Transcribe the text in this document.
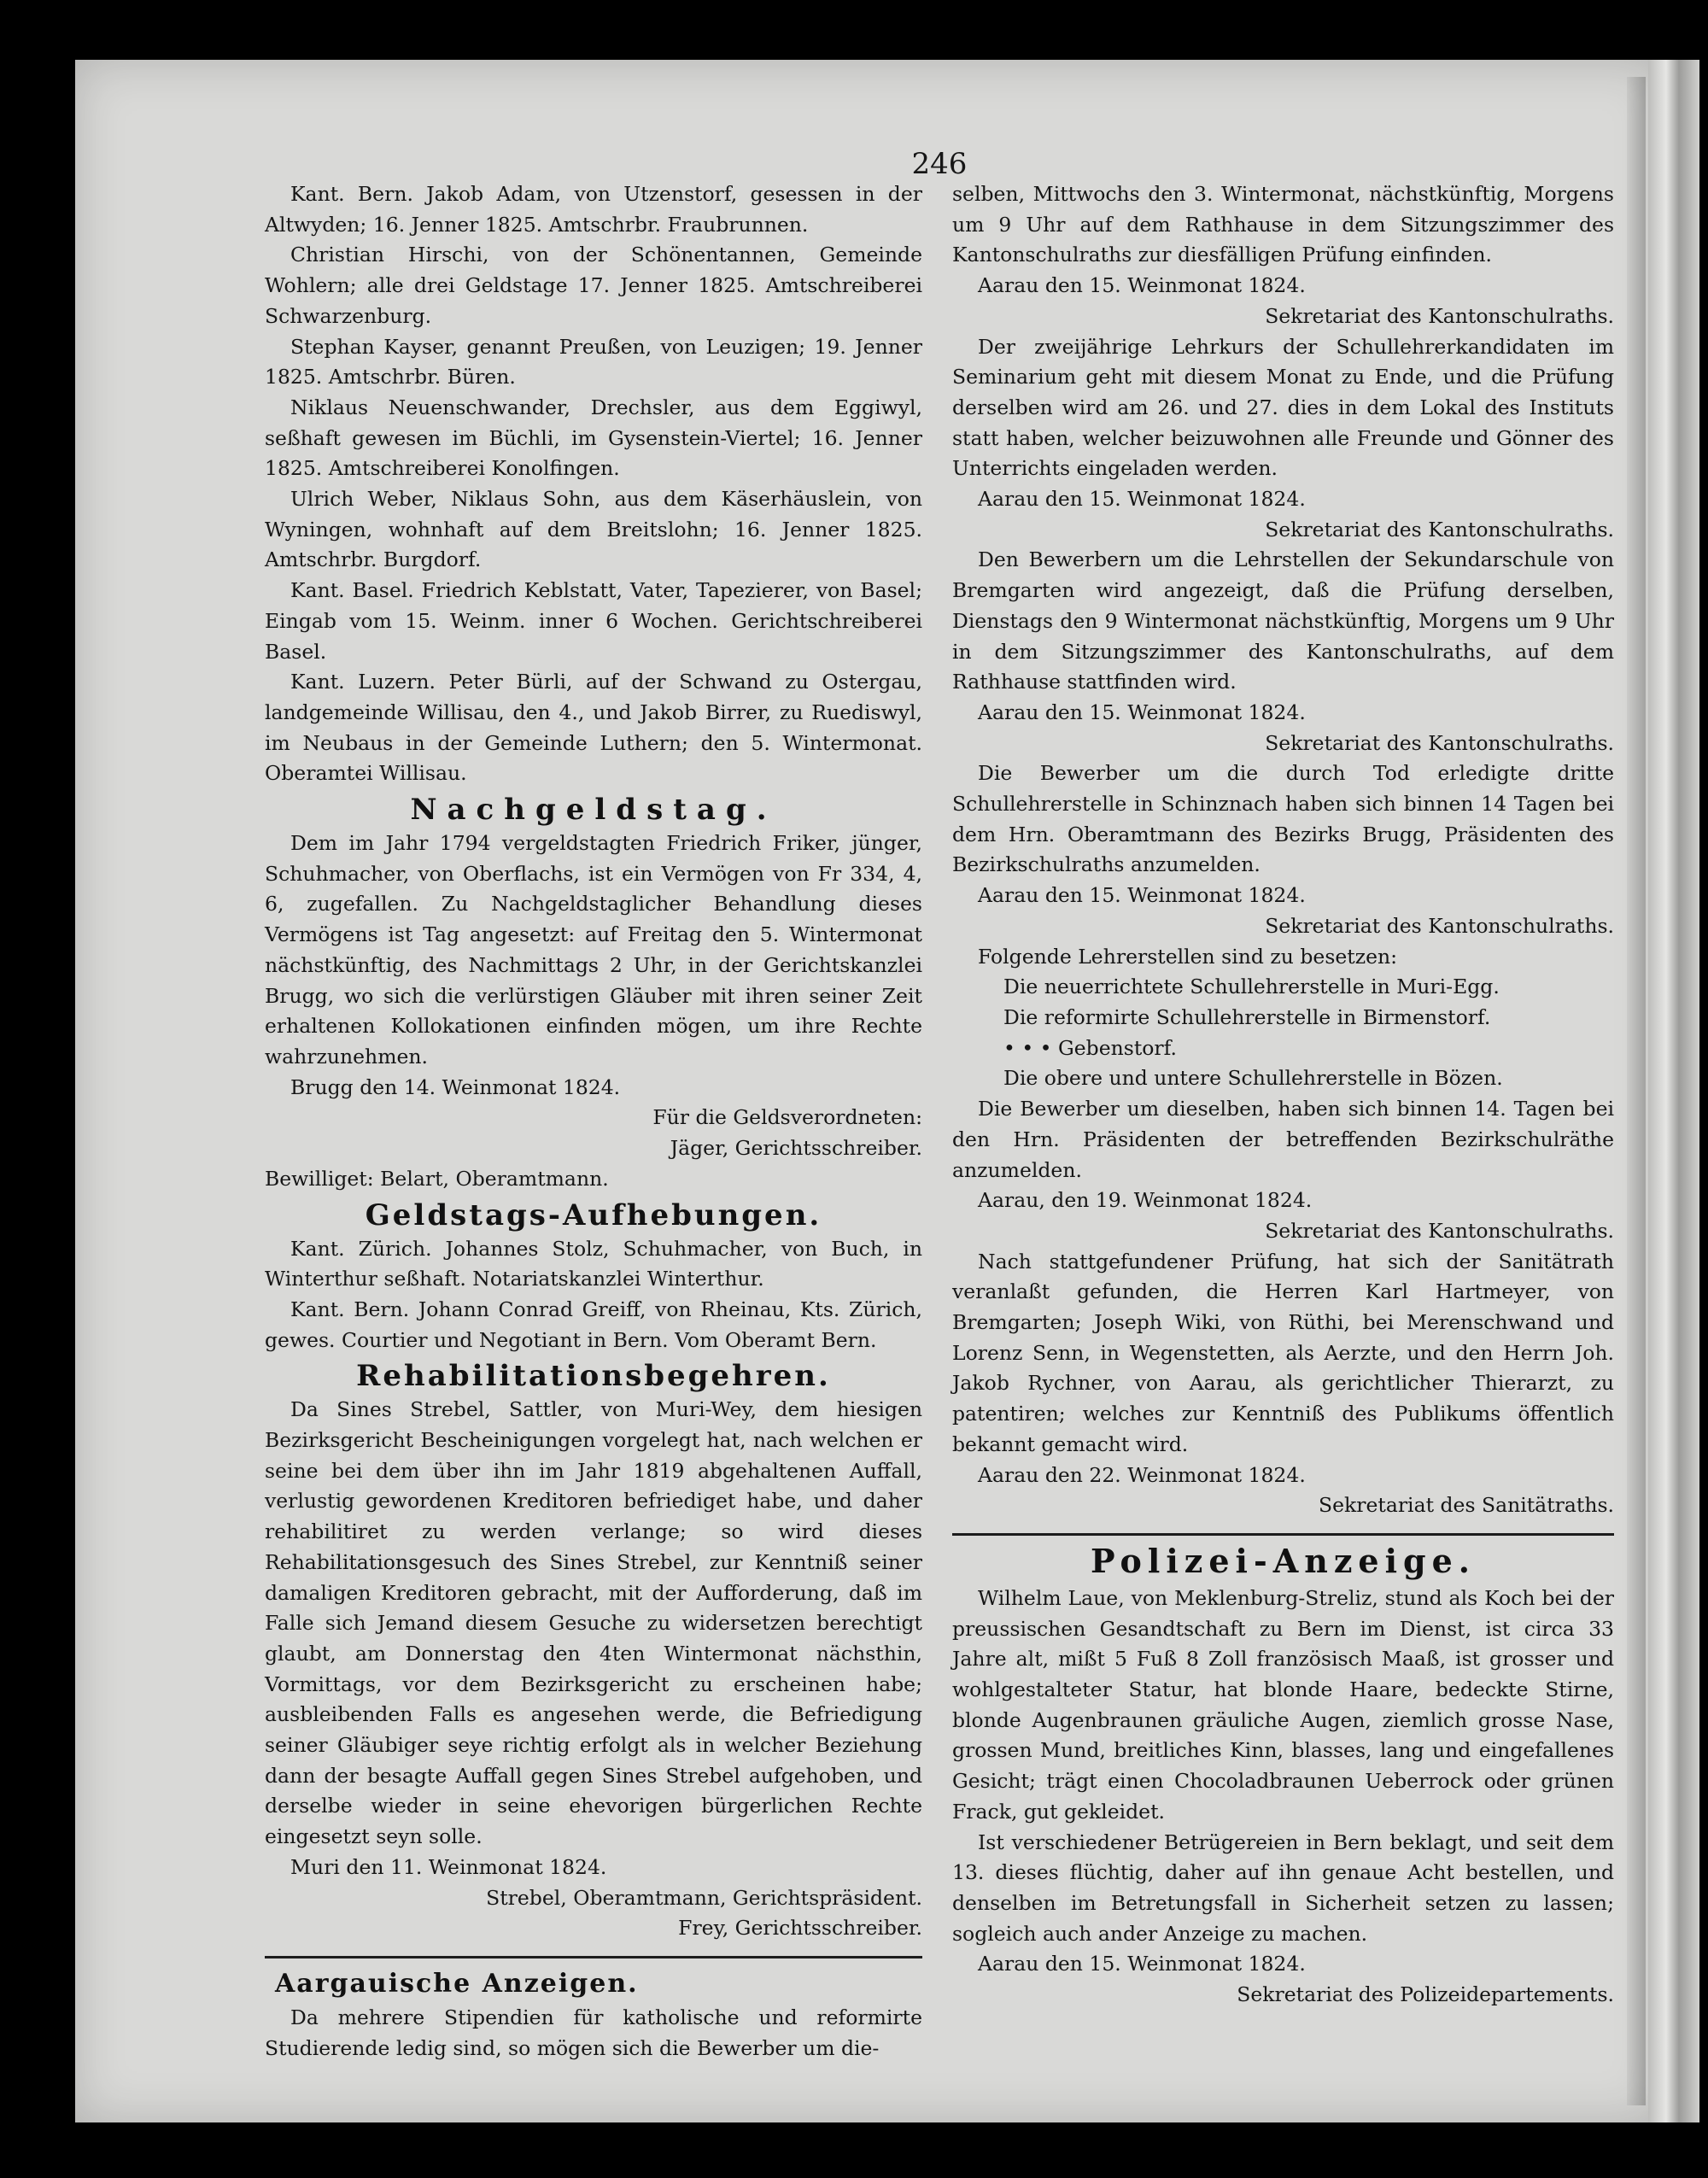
246

Kant. Bern. Jakob Adam, von Utzenstorf, gesessen in der Altwyden; 16. Jenner 1825. Amtschrbr. Fraubrunnen.

Christian Hirschi, von der Schönentannen, Gemeinde Wohlern; alle drei Geldstage 17. Jenner 1825. Amtschreiberei Schwarzenburg.

Stephan Kayser, genannt Preußen, von Leuzigen; 19. Jenner 1825. Amtschrbr. Büren.

Niklaus Neuenschwander, Drechsler, aus dem Eggiwyl, seßhaft gewesen im Büchli, im Gysenstein-Viertel; 16. Jenner 1825. Amtschreiberei Konolfingen.

Ulrich Weber, Niklaus Sohn, aus dem Käserhäuslein, von Wyningen, wohnhaft auf dem Breitslohn; 16. Jenner 1825. Amtschrbr. Burgdorf.

Kant. Basel. Friedrich Keblstatt, Vater, Tapezierer, von Basel; Eingab vom 15. Weinm. inner 6 Wochen. Gerichtschreiberei Basel.

Kant. Luzern. Peter Bürli, auf der Schwand zu Ostergau, landgemeinde Willisau, den 4., und Jakob Birrer, zu Ruediswyl, im Neubaus in der Gemeinde Luthern; den 5. Wintermonat. Oberamtei Willisau.

Nachgeldstag.

Dem im Jahr 1794 vergeldstagten Friedrich Friker, jünger, Schuhmacher, von Oberflachs, ist ein Vermögen von Fr 334, 4, 6, zugefallen. Zu Nachgeldstaglicher Behandlung dieses Vermögens ist Tag angesetzt: auf Freitag den 5. Wintermonat nächstkünftig, des Nachmittags 2 Uhr, in der Gerichtskanzlei Brugg, wo sich die verlürstigen Gläuber mit ihren seiner Zeit erhaltenen Kollokationen einfinden mögen, um ihre Rechte wahrzunehmen.

Brugg den 14. Weinmonat 1824.

Für die Geldsverordneten:

Jäger, Gerichtsschreiber.

Bewilliget: Belart, Oberamtmann.

Geldstags-Aufhebungen.

Kant. Zürich. Johannes Stolz, Schuhmacher, von Buch, in Winterthur seßhaft. Notariatskanzlei Winterthur.

Kant. Bern. Johann Conrad Greiff, von Rheinau, Kts. Zürich, gewes. Courtier und Negotiant in Bern. Vom Oberamt Bern.

Rehabilitationsbegehren.

Da Sines Strebel, Sattler, von Muri-Wey, dem hiesigen Bezirksgericht Bescheinigungen vorgelegt hat, nach welchen er seine bei dem über ihn im Jahr 1819 abgehaltenen Auffall, verlustig gewordenen Kreditoren befriediget habe, und daher rehabilitiret zu werden verlange; so wird dieses Rehabilitationsgesuch des Sines Strebel, zur Kenntniß seiner damaligen Kreditoren gebracht, mit der Aufforderung, daß im Falle sich Jemand diesem Gesuche zu widersetzen berechtigt glaubt, am Donnerstag den 4ten Wintermonat nächsthin, Vormittags, vor dem Bezirksgericht zu erscheinen habe; ausbleibenden Falls es angesehen werde, die Befriedigung seiner Gläubiger seye richtig erfolgt als in welcher Beziehung dann der besagte Auffall gegen Sines Strebel aufgehoben, und derselbe wieder in seine ehevorigen bürgerlichen Rechte eingesetzt seyn solle.

Muri den 11. Weinmonat 1824.

Strebel, Oberamtmann, Gerichtspräsident.

Frey, Gerichtsschreiber.

Aargauische Anzeigen.

Da mehrere Stipendien für katholische und reformirte Studierende ledig sind, so mögen sich die Bewerber um die-

selben, Mittwochs den 3. Wintermonat, nächstkünftig, Morgens um 9 Uhr auf dem Rathhause in dem Sitzungszimmer des Kantonschulraths zur diesfälligen Prüfung einfinden.

Aarau den 15. Weinmonat 1824.

Sekretariat des Kantonschulraths.

Der zweijährige Lehrkurs der Schullehrerkandidaten im Seminarium geht mit diesem Monat zu Ende, und die Prüfung derselben wird am 26. und 27. dies in dem Lokal des Instituts statt haben, welcher beizuwohnen alle Freunde und Gönner des Unterrichts eingeladen werden.

Aarau den 15. Weinmonat 1824.

Sekretariat des Kantonschulraths.

Den Bewerbern um die Lehrstellen der Sekundarschule von Bremgarten wird angezeigt, daß die Prüfung derselben, Dienstags den 9 Wintermonat nächstkünftig, Morgens um 9 Uhr in dem Sitzungszimmer des Kantonschulraths, auf dem Rathhause stattfinden wird.

Aarau den 15. Weinmonat 1824.

Sekretariat des Kantonschulraths.

Die Bewerber um die durch Tod erledigte dritte Schullehrerstelle in Schinznach haben sich binnen 14 Tagen bei dem Hrn. Oberamtmann des Bezirks Brugg, Präsidenten des Bezirkschulraths anzumelden.

Aarau den 15. Weinmonat 1824.

Sekretariat des Kantonschulraths.

Folgende Lehrerstellen sind zu besetzen:

Die neuerrichtete Schullehrerstelle in Muri-Egg.

Die reformirte Schullehrerstelle in Birmenstorf.

• • • Gebenstorf.

Die obere und untere Schullehrerstelle in Bözen.

Die Bewerber um dieselben, haben sich binnen 14. Tagen bei den Hrn. Präsidenten der betreffenden Bezirkschulräthe anzumelden.

Aarau, den 19. Weinmonat 1824.

Sekretariat des Kantonschulraths.

Nach stattgefundener Prüfung, hat sich der Sanitätrath veranlaßt gefunden, die Herren Karl Hartmeyer, von Bremgarten; Joseph Wiki, von Rüthi, bei Merenschwand und Lorenz Senn, in Wegenstetten, als Aerzte, und den Herrn Joh. Jakob Rychner, von Aarau, als gerichtlicher Thierarzt, zu patentiren; welches zur Kenntniß des Publikums öffentlich bekannt gemacht wird.

Aarau den 22. Weinmonat 1824.

Sekretariat des Sanitätraths.

Polizei-Anzeige.

Wilhelm Laue, von Meklenburg-Streliz, stund als Koch bei der preussischen Gesandtschaft zu Bern im Dienst, ist circa 33 Jahre alt, mißt 5 Fuß 8 Zoll französisch Maaß, ist grosser und wohlgestalteter Statur, hat blonde Haare, bedeckte Stirne, blonde Augenbraunen gräuliche Augen, ziemlich grosse Nase, grossen Mund, breitliches Kinn, blasses, lang und eingefallenes Gesicht; trägt einen Chocoladbraunen Ueberrock oder grünen Frack, gut gekleidet.

Ist verschiedener Betrügereien in Bern beklagt, und seit dem 13. dieses flüchtig, daher auf ihn genaue Acht bestellen, und denselben im Betretungsfall in Sicherheit setzen zu lassen; sogleich auch ander Anzeige zu machen.

Aarau den 15. Weinmonat 1824.

Sekretariat des Polizeidepartements.
